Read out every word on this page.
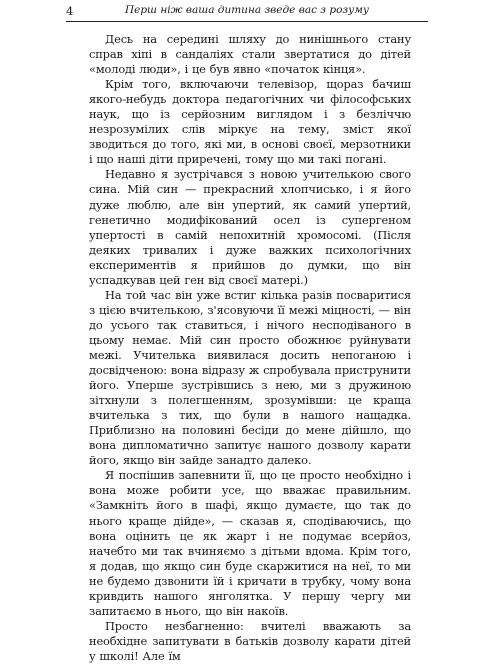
4	Перш ніж ваша дитина зведе вас з розуму

Десь на середині шляху до нинішнього стану справ хіпі в сандаліях стали звертатися до дітей «молоді люди», і це був явно «початок кінця».

Крім того, включаючи телевізор, щораз бачиш якого-небудь доктора педагогічних чи філософських наук, що із серйозним виглядом і з безліччю незрозумілих слів міркує на тему, зміст якої зводиться до того, які ми, в основі своєї, мерзотники і що наші діти приречені, тому що ми такі погані.

Недавно я зустрічався з новою учителькою свого сина. Мій син — прекрасний хлопчисько, і я його дуже люблю, але він упертий, як самий упертий, генетично модифікований осел із супергеном упертості в самій непохитній хромосомі. (Після деяких тривалих і дуже важких психологічних експериментів я прийшов до думки, що він успадкував цей ген від своєї матері.)

На той час він уже встиг кілька разів посваритися з цією вчителькою, з'ясовуючи її межі міцності, — він до усього так ставиться, і нічого несподіваного в цьому немає. Мій син просто обожнює руйнувати межі. Учителька виявилася досить непоганою і досвідченою: вона відразу ж спробувала приструнити його. Уперше зустрівшись з нею, ми з дружиною зітхнули з полегшенням, зрозумівши: це краща вчителька з тих, що були в нашого нащадка. Приблизно на половині бесіди до мене дійшло, що вона дипломатично запитує нашого дозволу карати його, якщо він зайде занадто далеко.

Я поспішив запевнити її, що це просто необхідно і вона може робити усе, що вважає правильним. «Замкніть його в шафі, якщо думаєте, що так до нього краще дійде», — сказав я, сподіваючись, що вона оцінить це як жарт і не подумає всерйоз, начебто ми так вчиняємо з дітьми вдома. Крім того, я додав, що якщо син буде скаржитися на неї, то ми не будемо дзвонити їй і кричати в трубку, чому вона кривдить нашого янголятка. У першу чергу ми запитаємо в нього, що він накоїв.

Просто незбагненно: вчителі вважають за необхідне запитувати в батьків дозволу карати дітей у школі! Але їм
